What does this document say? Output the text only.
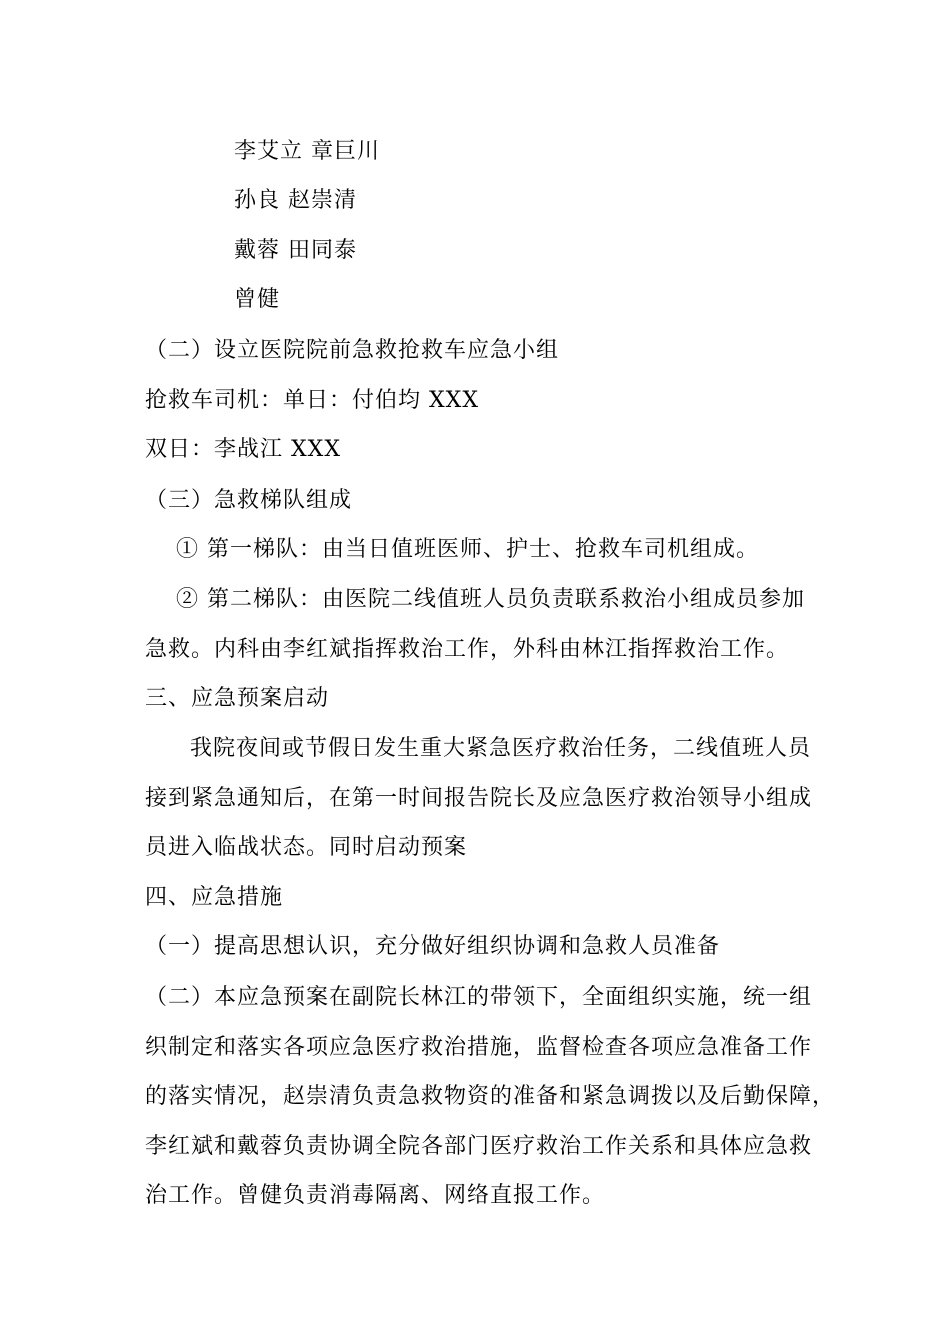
李艾立 章巨川
孙良 赵崇清
戴蓉 田同泰
曾健
（二）设立医院院前急救抢救车应急小组
抢救车司机：单日：付伯均 XXX
双日：李战江 XXX
（三）急救梯队组成
① 第一梯队：由当日值班医师、护士、抢救车司机组成。
② 第二梯队：由医院二线值班人员负责联系救治小组成员参加
急救。内科由李红斌指挥救治工作，外科由林江指挥救治工作。
三、应急预案启动
我院夜间或节假日发生重大紧急医疗救治任务，二线值班人员
接到紧急通知后，在第一时间报告院长及应急医疗救治领导小组成
员进入临战状态。同时启动预案
四、应急措施
（一）提高思想认识，充分做好组织协调和急救人员准备
（二）本应急预案在副院长林江的带领下，全面组织实施，统一组
织制定和落实各项应急医疗救治措施，监督检查各项应急准备工作
的落实情况，赵崇清负责急救物资的准备和紧急调拨以及后勤保障，
李红斌和戴蓉负责协调全院各部门医疗救治工作关系和具体应急救
治工作。曾健负责消毒隔离、网络直报工作。
